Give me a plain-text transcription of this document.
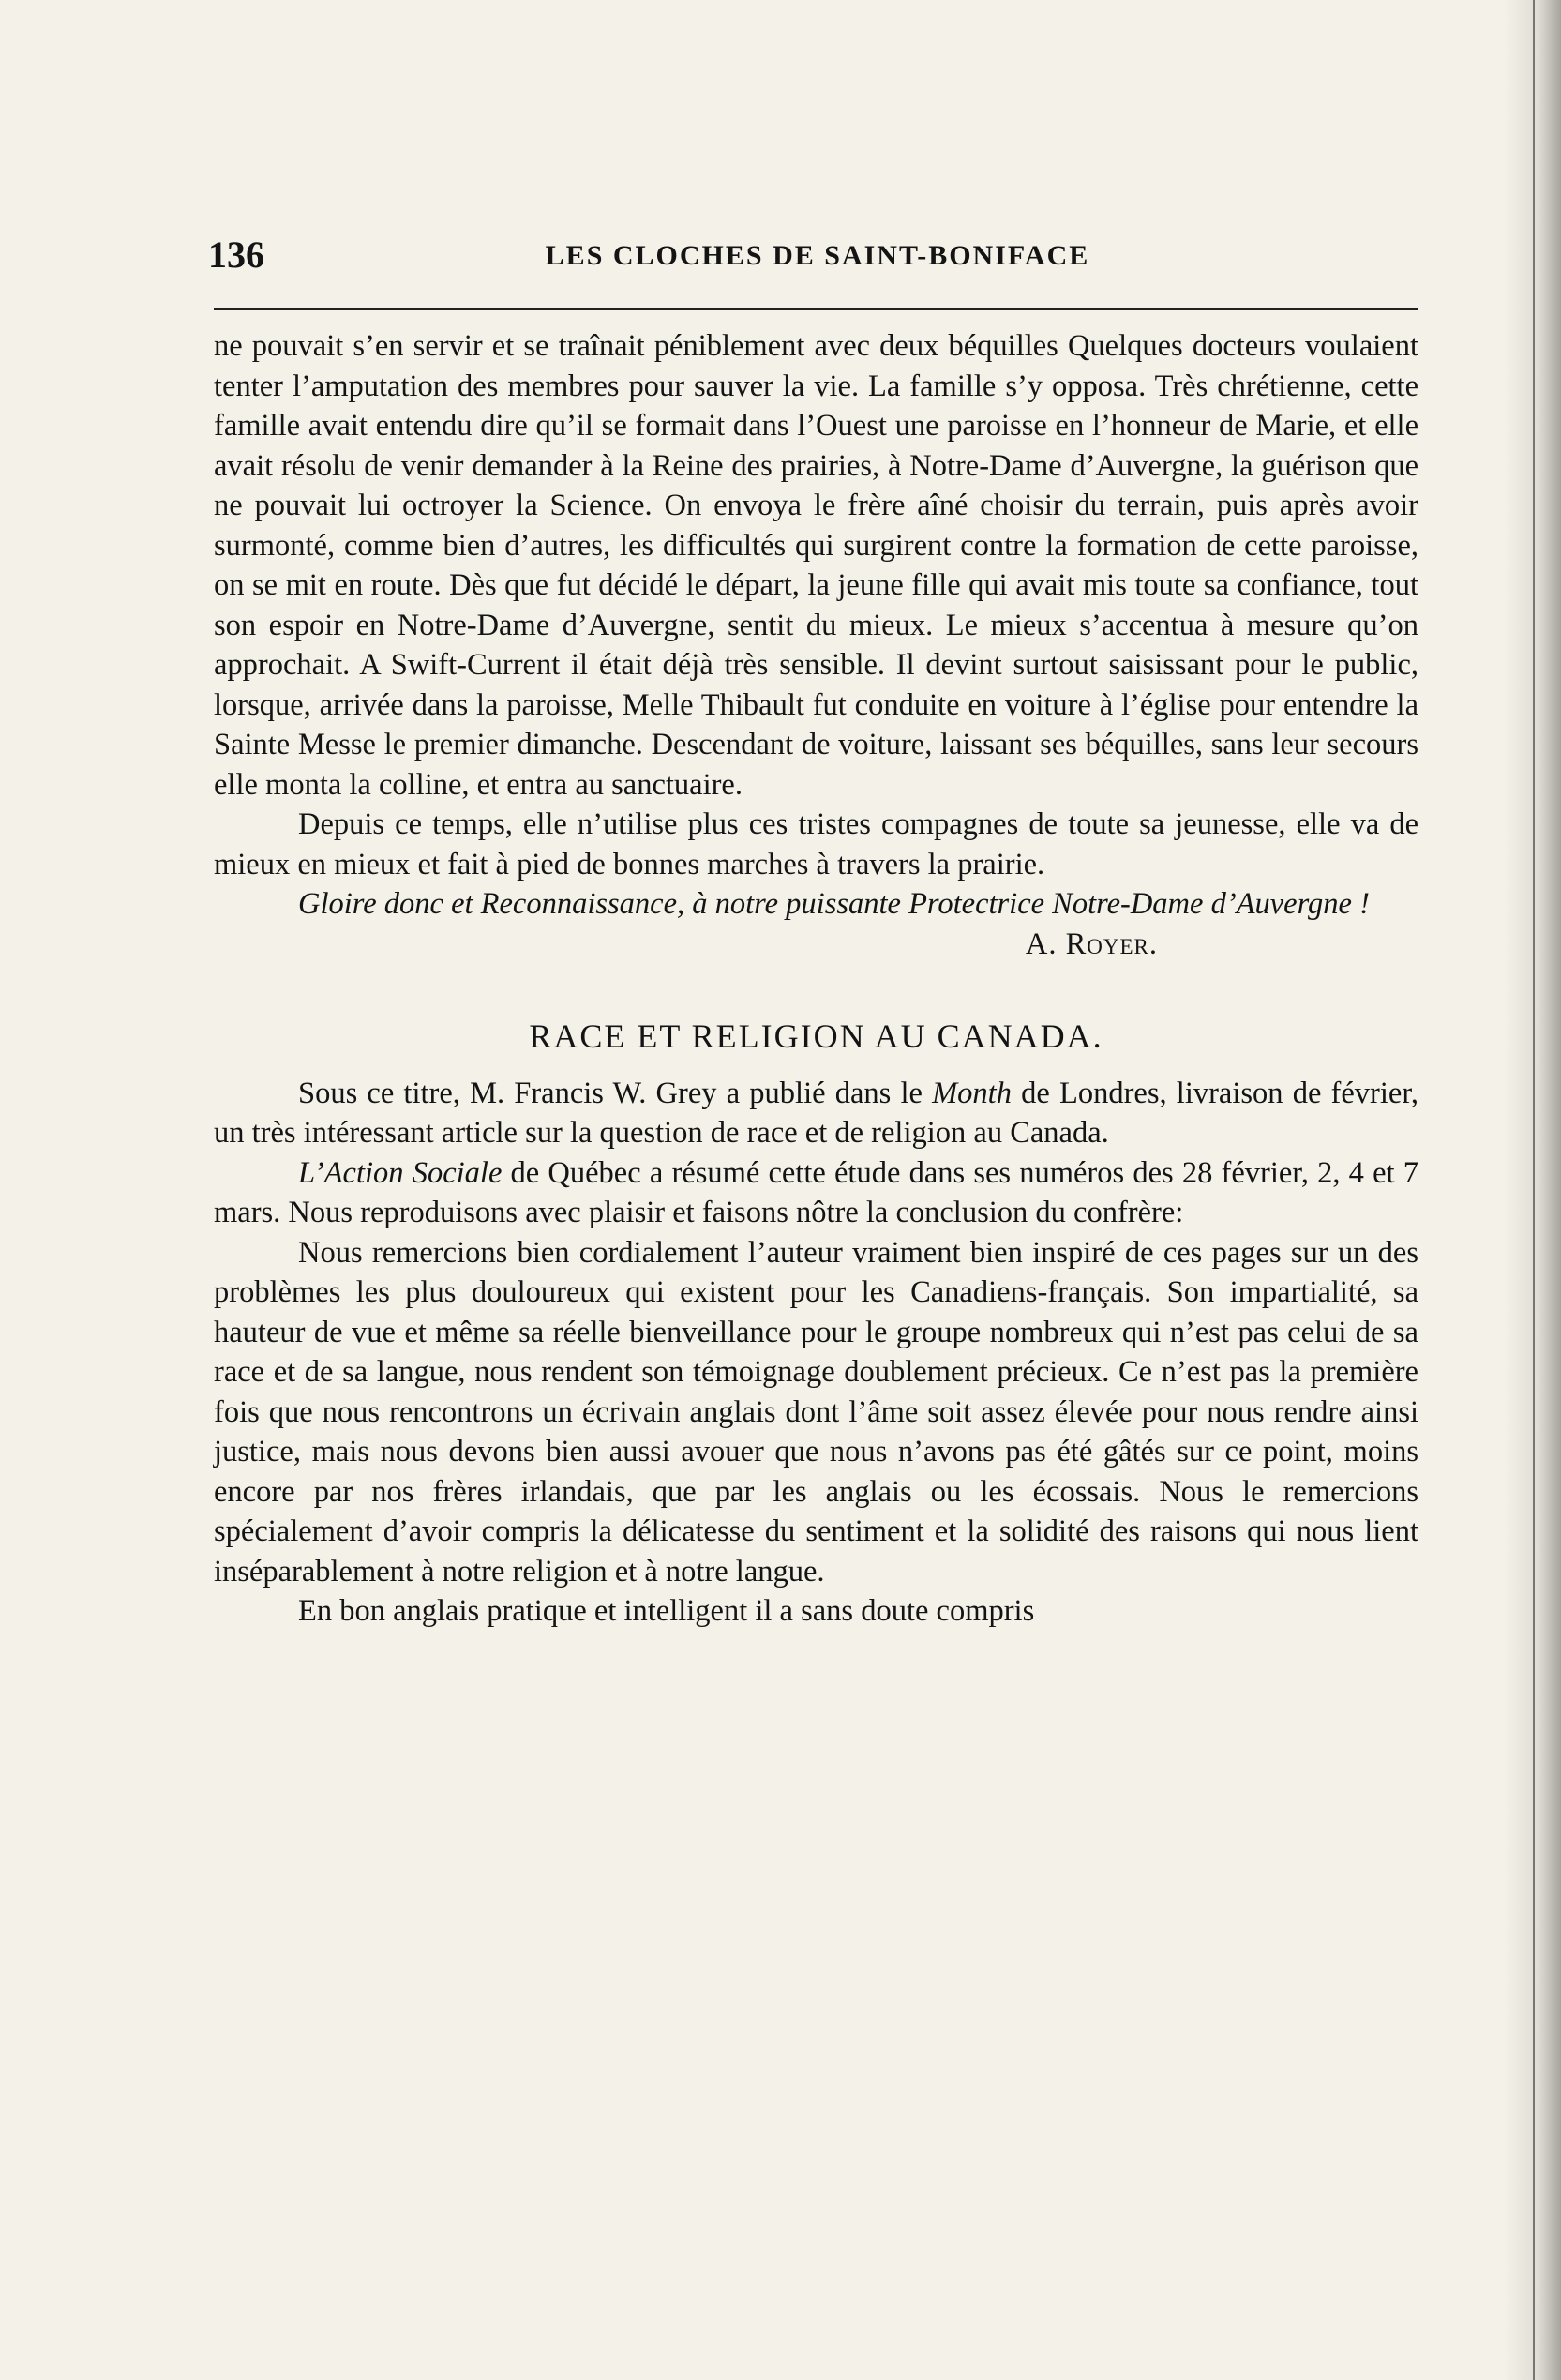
136	LES CLOCHES DE SAINT-BONIFACE

ne pouvait s’en servir et se traînait péniblement avec deux béquilles Quelques docteurs voulaient tenter l’amputation des membres pour sauver la vie. La famille s’y opposa. Très chrétienne, cette famille avait entendu dire qu’il se formait dans l’Ouest une paroisse en l’honneur de Marie, et elle avait résolu de venir demander à la Reine des prairies, à Notre-Dame d’Auvergne, la guérison que ne pouvait lui octroyer la Science. On envoya le frère aîné choisir du terrain, puis après avoir surmonté, comme bien d’autres, les difficultés qui surgirent contre la formation de cette paroisse, on se mit en route. Dès que fut décidé le départ, la jeune fille qui avait mis toute sa confiance, tout son espoir en Notre-Dame d’Auvergne, sentit du mieux. Le mieux s’accentua à mesure qu’on approchait. A Swift-Current il était déjà très sensible. Il devint surtout saisissant pour le public, lorsque, arrivée dans la paroisse, Melle Thibault fut conduite en voiture à l’église pour entendre la Sainte Messe le premier dimanche. Descendant de voiture, laissant ses béquilles, sans leur secours elle monta la colline, et entra au sanctuaire.

Depuis ce temps, elle n’utilise plus ces tristes compagnes de toute sa jeunesse, elle va de mieux en mieux et fait à pied de bonnes marches à travers la prairie.

Gloire donc et Reconnaissance, à notre puissante Protectrice Notre-Dame d’Auvergne !

A. Royer.

RACE ET RELIGION AU CANADA.

Sous ce titre, M. Francis W. Grey a publié dans le Month de Londres, livraison de février, un très intéressant article sur la question de race et de religion au Canada.

L’Action Sociale de Québec a résumé cette étude dans ses numéros des 28 février, 2, 4 et 7 mars. Nous reproduisons avec plaisir et faisons nôtre la conclusion du confrère:

Nous remercions bien cordialement l’auteur vraiment bien inspiré de ces pages sur un des problèmes les plus douloureux qui existent pour les Canadiens-français. Son impartialité, sa hauteur de vue et même sa réelle bienveillance pour le groupe nombreux qui n’est pas celui de sa race et de sa langue, nous rendent son témoignage doublement précieux. Ce n’est pas la première fois que nous rencontrons un écrivain anglais dont l’âme soit assez élevée pour nous rendre ainsi justice, mais nous devons bien aussi avouer que nous n’avons pas été gâtés sur ce point, moins encore par nos frères irlandais, que par les anglais ou les écossais. Nous le remercions spécialement d’avoir compris la délicatesse du sentiment et la solidité des raisons qui nous lient inséparablement à notre religion et à notre langue.

En bon anglais pratique et intelligent il a sans doute compris
